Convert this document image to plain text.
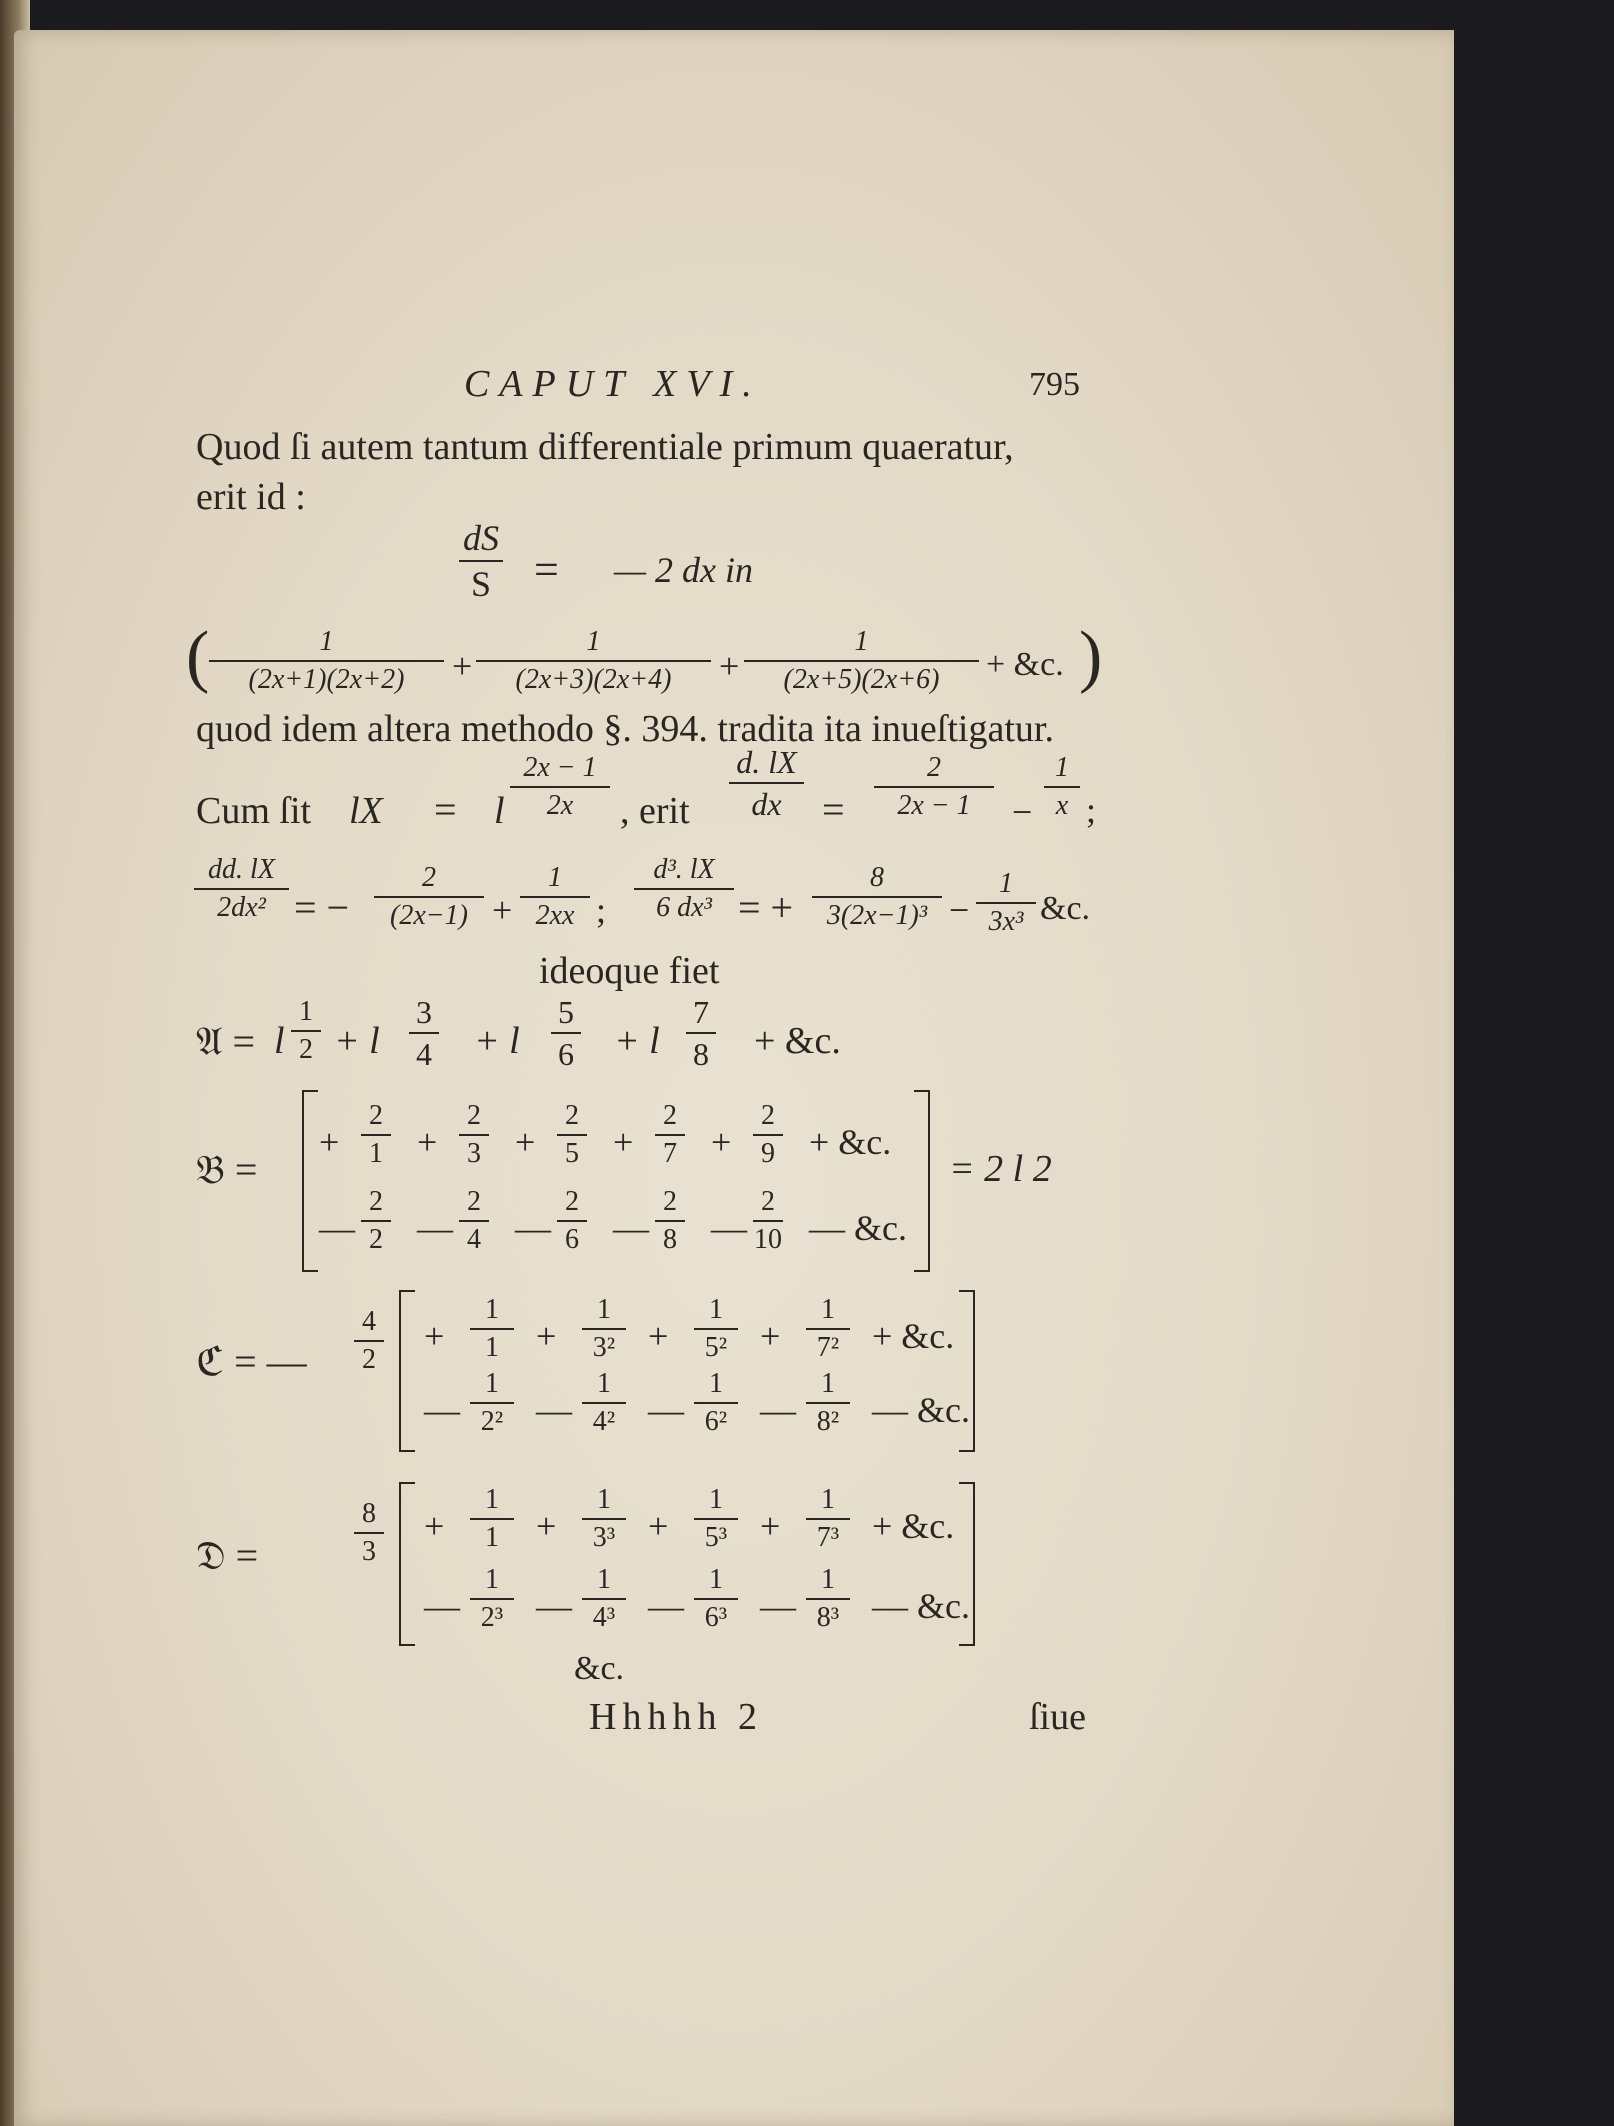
CAPUT XVI.	795
Quod ſi autem tantum differentiale primum quaeratur,
erit id :
$\frac{dS}{S}$ = — 2 dx in
( $\frac{1}{(2x+1)(2x+2)} + \frac{1}{(2x+3)(2x+4)} + \frac{1}{(2x+5)(2x+6)}$ + &c. )
quod idem altera methodo §. 394. tradita ita inueſtigatur.
Cum ſit lX = l $\frac{2x - 1}{2x}$ , erit $\frac{d. lX}{dx} = \frac{2}{2x - 1} - \frac{1}{x}$ ;
$\frac{dd. lX}{\text{2dx²}}$ = − $\frac{2}{(2x-1)} + \frac{1}{2xx}$ ; $\frac{\text{d³. lX}}{\text{6 dx³}}$ = + $\frac{8}{\text{3(2x−1)³}} - \frac{1}{\text{3x³}}$ &c.
ideoque fiet
𝔄 = l $\frac{1}{2} + l \frac{3}{4} + l \frac{5}{6} + l \frac{7}{8}$ + &c.
𝔅 =	= 2 l 2
ℭ = — $\frac{4}{2}$
𝔇 =	$\frac{8}{3}$
&c.
Hhhhh 2	ſiue
+ $\frac{2}{1} + \frac{2}{3} + \frac{2}{5} + \frac{2}{7} + \frac{2}{9}$ + &c.
— $\frac{2}{2}$ — $\frac{2}{4}$ — $\frac{2}{6}$ — $\frac{2}{8}$ — $\frac{2}{10}$ — &c.
+ $\frac{1}{1} + \frac{1}{\text{3²}} + \frac{1}{\text{5²}} + \frac{1}{\text{7²}}$ + &c.
— $\frac{1}{\text{2²}}$ — $\frac{1}{\text{4²}}$ — $\frac{1}{\text{6²}}$ — $\frac{1}{\text{8²}}$ — &c.
+ $\frac{1}{1} + \frac{1}{\text{3³}} + \frac{1}{\text{5³}} + \frac{1}{\text{7³}}$ + &c.
— $\frac{1}{\text{2³}}$ — $\frac{1}{\text{4³}}$ — $\frac{1}{\text{6³}}$ — $\frac{1}{\text{8³}}$ — &c.
